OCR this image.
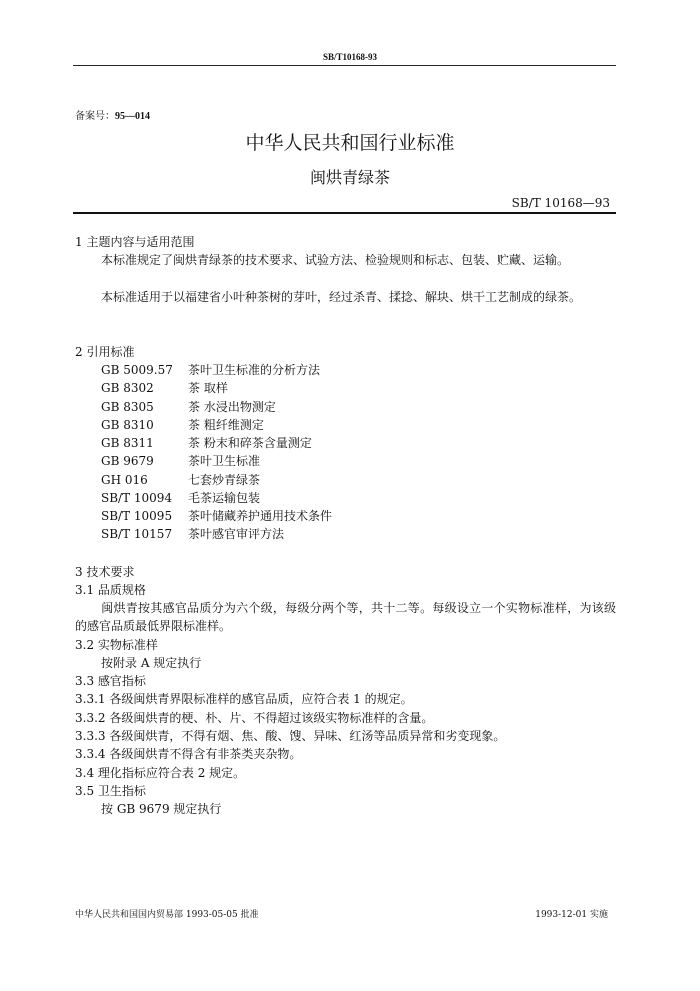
SB/T10168-93
备案号：95—014
中华人民共和国行业标准
闽烘青绿茶
SB/T 10168—93
1 主题内容与适用范围
本标准规定了闽烘青绿茶的技术要求、试验方法、检验规则和标志、包装、贮藏、运输。
本标准适用于以福建省小叶种茶树的芽叶，经过杀青、揉捻、解块、烘干工艺制成的绿茶。
2 引用标准
GB 5009.57 茶叶卫生标准的分析方法
GB 8302	茶 取样
GB 8305	茶 水浸出物测定
GB 8310	茶 粗纤维测定
GB 8311	茶 粉末和碎茶含量测定
GB 9679	茶叶卫生标准
GH 016	七套炒青绿茶
SB/T 10094 毛茶运输包装
SB/T 10095 茶叶储藏养护通用技术条件
SB/T 10157 茶叶感官审评方法
3 技术要求
3.1 品质规格
闽烘青按其感官品质分为六个级，每级分两个等，共十二等。每级设立一个实物标准样，为该级的感官品质最低界限标准样。
3.2 实物标准样
按附录 A 规定执行
3.3 感官指标
3.3.1 各级闽烘青界限标准样的感官品质，应符合表 1 的规定。
3.3.2 各级闽烘青的梗、朴、片、不得超过该级实物标准样的含量。
3.3.3 各级闽烘青，不得有烟、焦、酸、馊、异味、红汤等品质异常和劣变现象。
3.3.4 各级闽烘青不得含有非茶类夹杂物。
3.4 理化指标应符合表 2 规定。
3.5 卫生指标
按 GB 9679 规定执行
中华人民共和国国内贸易部 1993-05-05 批准	1993-12-01 实施
